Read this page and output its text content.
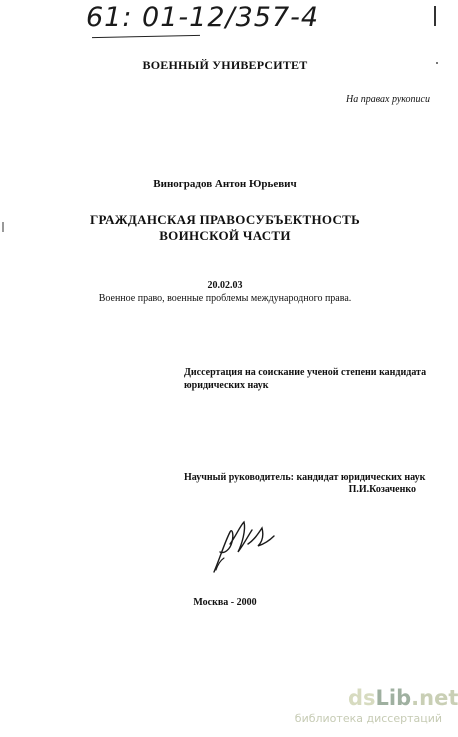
61: 01-12/357-4
ВОЕННЫЙ УНИВЕРСИТЕТ
На правах рукописи
Виноградов Антон Юрьевич
ГРАЖДАНСКАЯ ПРАВОСУБЪЕКТНОСТЬ
ВОИНСКОЙ ЧАСТИ
20.02.03
Военное право, военные проблемы международного права.
Диссертация на соискание ученой степени кандидата
юридических наук
Научный руководитель: кандидат юридических наук
П.И.Козаченко
Москва - 2000
dsLib.net
библиотека диссертаций
